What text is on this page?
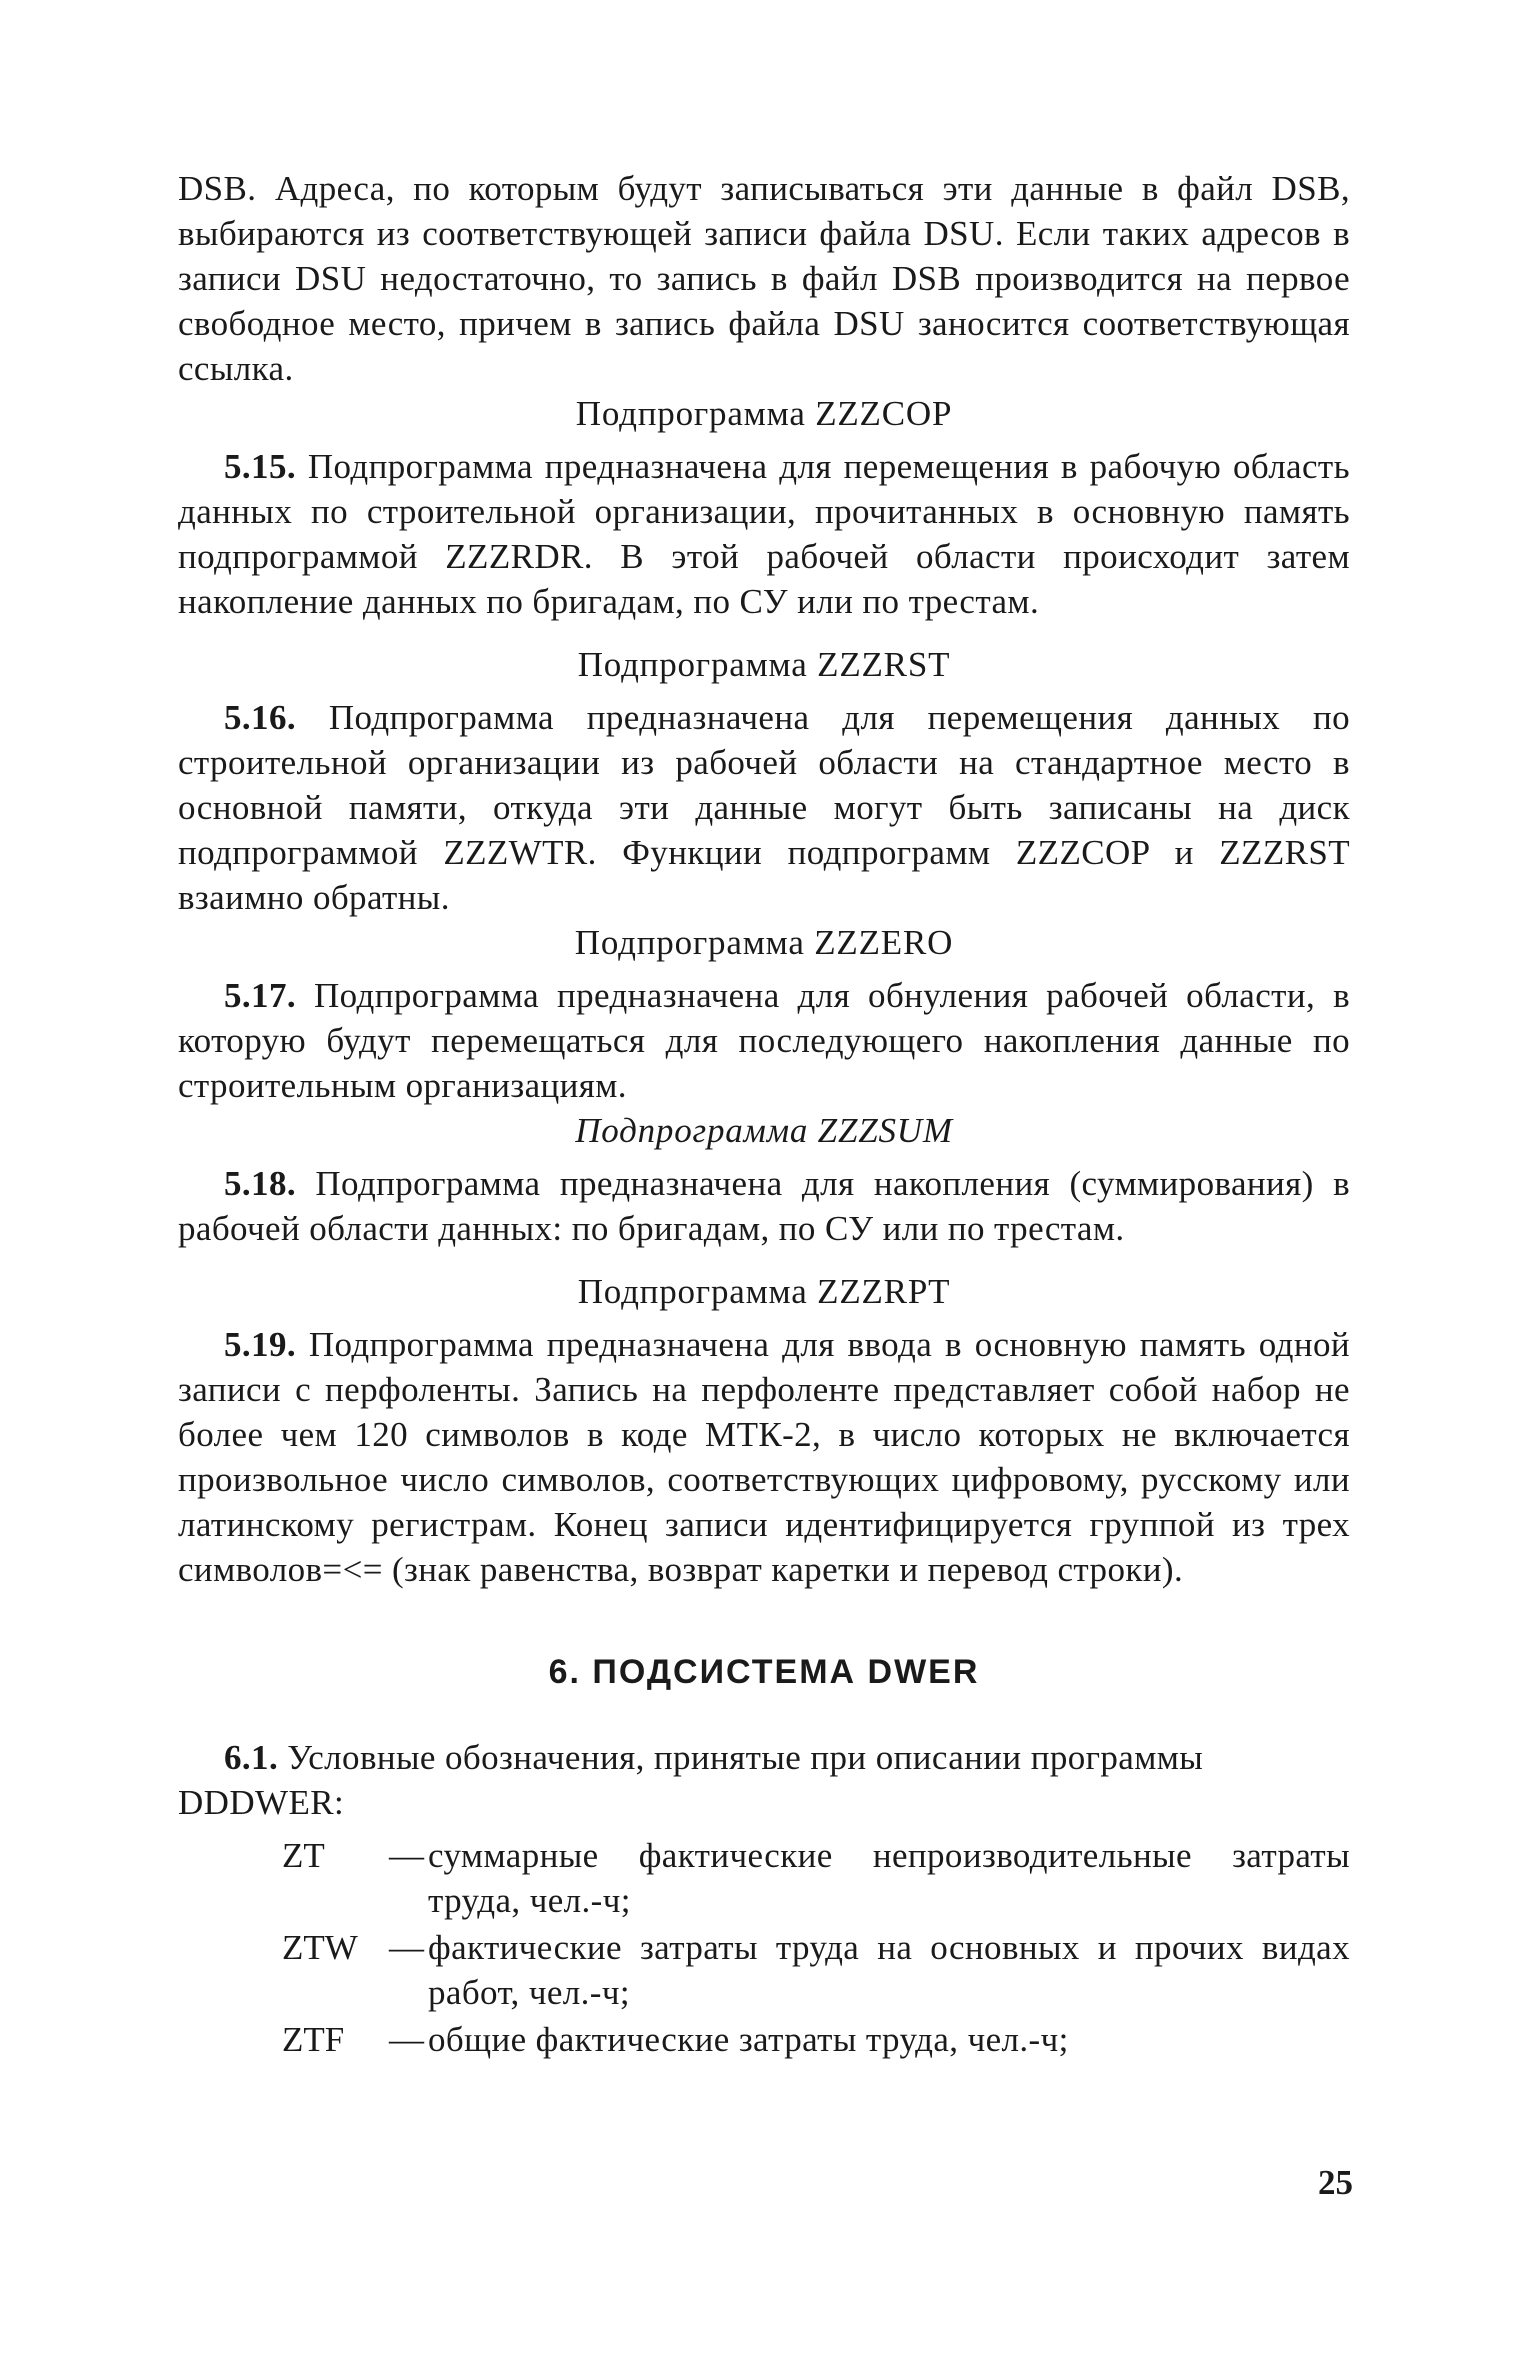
DSB. Адреса, по которым будут записываться эти данные в файл DSB, выбираются из соответствующей записи файла DSU. Если таких адресов в записи DSU недостаточно, то запись в файл DSB производится на первое свободное место, причем в запись файла DSU заносится соответствующая ссылка.

Подпрограмма ZZZCOP

5.15. Подпрограмма предназначена для перемещения в рабочую область данных по строительной организации, прочитанных в основную память подпрограммой ZZZRDR. В этой рабочей области происходит затем накопление данных по бригадам, по СУ или по трестам.

Подпрограмма ZZZRST

5.16. Подпрограмма предназначена для перемещения данных по строительной организации из рабочей области на стандартное место в основной памяти, откуда эти данные могут быть записаны на диск подпрограммой ZZZWTR. Функции подпрограмм ZZZCOP и ZZZRST взаимно обратны.

Подпрограмма ZZZERO

5.17. Подпрограмма предназначена для обнуления рабочей области, в которую будут перемещаться для последующего накопления данные по строительным организациям.

Подпрограмма ZZZSUM

5.18. Подпрограмма предназначена для накопления (суммирования) в рабочей области данных: по бригадам, по СУ или по трестам.

Подпрограмма ZZZRPT

5.19. Подпрограмма предназначена для ввода в основную память одной записи с перфоленты. Запись на перфоленте представляет собой набор не более чем 120 символов в коде МТК-2, в число которых не включается произвольное число символов, соответствующих цифровому, русскому или латинскому регистрам. Конец записи идентифицируется группой из трех символов=<= (знак равенства, возврат каретки и перевод строки).

6. ПОДСИСТЕМА DWER

6.1. Условные обозначения, принятые при описании программы DDDWER:

ZT	— суммарные фактические непроизводительные затраты труда, чел.-ч;
ZTW — фактические затраты труда на основных и прочих видах работ, чел.-ч;
ZTF	— общие фактические затраты труда, чел.-ч;
25
